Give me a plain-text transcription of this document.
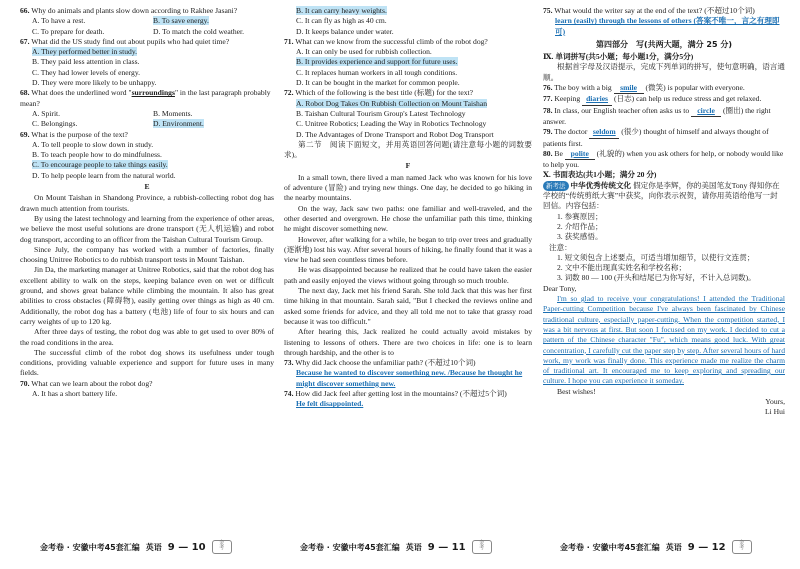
66. Why do animals and plants slow down according to Rakhee Jasani?

A. To have a rest.	B. To save energy.
C. To prepare for death.	D. To match the cold weather.

67. What did the US study find out about pupils who had quiet time?

A. They performed better in study.
B. They paid less attention in class.
C. They had lower levels of energy.
D. They were more likely to be unhappy.

68. What does the underlined word "surroundings" in the last paragraph probably mean?

A. Spirit.	B. Moments.
C. Belongings.	D. Environment.

69. What is the purpose of the text?

A. To tell people to slow down in study.
B. To teach people how to do mindfulness.
C. To encourage people to take things easily.
D. To help people learn from the natural world.
E

On Mount Taishan in Shandong Province, a rubbish-collecting robot dog has drawn much attention from tourists.

By using the latest technology and learning from the experience of other areas, we believe the most useful solutions are drone transport (无人机运输) and robot dog transport, according to an officer from the Taishan Cultural Tourism Group.

Since July, the company has worked with a number of factories, finally choosing Unitree Robotics to do rubbish transport tests in Mount Taishan.

Jin Da, the marketing manager at Unitree Robotics, said that the robot dog has excellent ability to walk on the steps, keeping balance even on wet or difficult ground, and shows great balance while climbing the mountain. It also has great abilities to cross obstacles (障碍物), easily getting over things as high as 40 cm. Additionally, the robot dog has a battery (电池) life of four to six hours and can carry weights of up to 120 kg.

After three days of testing, the robot dog was able to get used to over 80% of the road conditions in the area.

The successful climb of the robot dog shows its usefulness under tough conditions, providing valuable experience and support for future uses in many fields.

70. What can we learn about the robot dog?

A. It has a short battery life.
金考卷 · 安徽中考45套汇编 英语 9 — 10	金
考
B. It can carry heavy weights.
C. It can fly as high as 40 cm.
D. It keeps balance under water.

71. What can we know from the successful climb of the robot dog?

A. It can only be used for rubbish collection.
B. It provides experience and support for future uses.
C. It replaces human workers in all tough conditions.
D. It can be bought in the market for common people.

72. Which of the following is the best title (标题) for the text?

A. Robot Dog Takes On Rubbish Collection on Mount Taishan
B. Taishan Cultural Tourism Group's Latest Technology
C. Unitree Robotics; Leading the Way in Robotics Technology
D. The Advantages of Drone Transport and Robot Dog Transport

第二节　阅读下面短文，并用英语回答问题(请注意每小题的词数要求)。

F

In a small town, there lived a man named Jack who was known for his love of adventure (冒险) and trying new things. One day, he decided to go hiking in the nearby mountains.

On the way, Jack saw two paths: one familiar and well-traveled, and the other deserted and overgrown. He chose the unfamiliar path this time, thinking he might discover something new.

However, after walking for a while, he began to trip over trees and gradually (逐渐地) lost his way. After several hours of hiking, he finally found that it was a view he had seen countless times before.

He was disappointed because he realized that he could have taken the easier path and easily enjoyed the views without going through so much trouble.

The next day, Jack met his friend Sarah. She told Jack that this was her first time hiking in that mountain. Sarah said, "But I checked the reviews online and asked some friends for advice, and they all told me not to take that grassy road because it was too difficult."

After hearing this, Jack realized he could actually avoid mistakes by listening to lessons of others. There are two choices in life: one is to learn through hardship, and the other is to

73. Why did Jack choose the unfamiliar path? (不超过10个词)

Because he wanted to discover something new. /Because he thought he might discover something new.

74. How did Jack feel after getting lost in the mountains? (不超过5个词)

He felt disappointed.

金考卷 · 安徽中考45套汇编 英语 9 — 11	金
考

75. What would the writer say at the end of the text? (不超过10个词)

learn (easily) through the lessons of others (答案不唯一，言之有理即可)

第四部分　写(共两大题，满分 25 分)

Ⅸ. 单词拼写(共5小题；每小题1分，满分5分)

根据首字母及汉语提示，完成下列单词的拼写，使句意明确，语言通顺。

76. The boy with a big smile (微笑) is popular with everyone.

77. Keeping diaries (日志) can help us reduce stress and get relaxed.

78. In class, our English teacher often asks us to circle (圈出) the right answer.

79. The doctor seldom (很少) thought of himself and always thought of patients first.

80. Be polite (礼貌的) when you ask others for help, or nobody would like to help you.

Ⅹ. 书面表达(共1小题；满分 20 分)

新考法 中华优秀传统文化 假定你是李辉，你的美国笔友Tony 得知你在学校的“传统剪纸大赛”中获奖，向你表示祝贺，请你用英语给他写一封回信。内容包括：

1. 参赛原因；
2. 介绍作品；
3. 获奖感悟。
注意：
1. 短文须包含上述要点，可适当增加细节，以使行文连贯；
2. 文中不能出现真实姓名和学校名称；
3. 词数 80 — 100 (开头和结尾已为你写好，不计入总词数)。

Dear Tony,

I'm so glad to receive your congratulations! I attended the Traditional Paper-cutting Competition because I've always been fascinated by Chinese traditional culture, especially paper-cutting. When the competition started, I was a bit nervous at first. But soon I focused on my work. I decided to cut a pattern of the Chinese character "Fu", which means good luck. With great concentration, I carefully cut the paper step by step. After several hours of hard work, my work was finally done. This experience made me realize the charm of traditional art. It encouraged me to keep exploring and spreading our culture. I hope you can experience it someday.

Best wishes!

Yours,

Li Hui

金考卷 · 安徽中考45套汇编 英语 9 — 12	金
考
